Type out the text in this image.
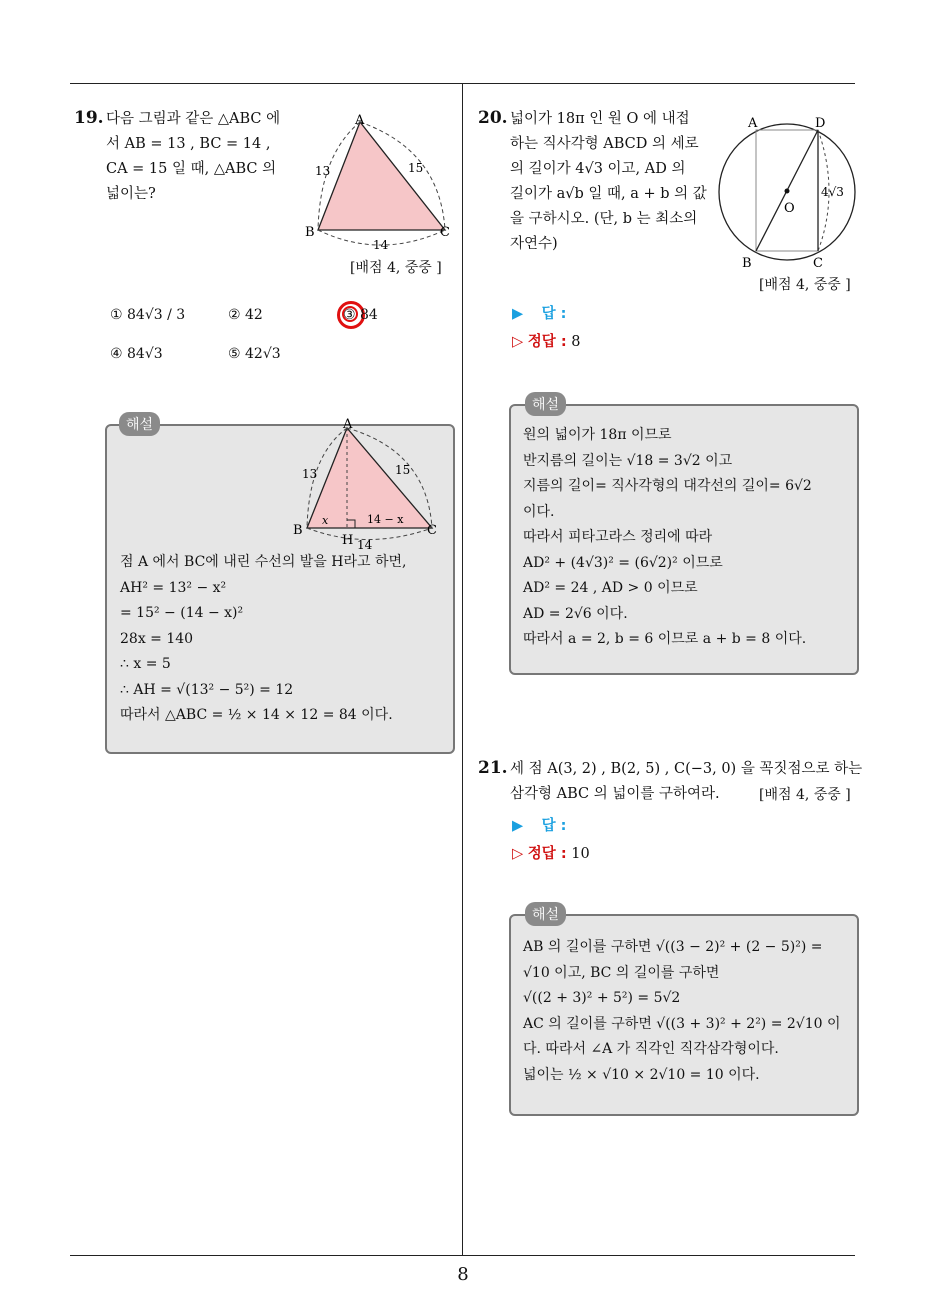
8
19. 다음 그림과 같은 △ABC 에
서 AB = 13 , BC = 14 ,
CA = 15 일 때, △ABC 의
넓이는?
A
B	C
13	15
14
[배점 4, 중중 ]
① 84√3 / 3	② 42	③ 84
④ 84√3	⑤ 42√3
해설	A
B	C
H
13	15
14
x	14 − x
점 A 에서 BC에 내린 수선의 발을 H라고 하면,
AH² = 13² − x²
= 15² − (14 − x)²
28x = 140
∴ x = 5
∴ AH = √(13² − 5²) = 12
따라서 △ABC = ½ × 14 × 12 = 84 이다.
20. 넓이가 18π 인 원 O 에 내접
하는 직사각형 ABCD 의 세로
의 길이가 4√3 이고, AD 의
길이가 a√b 일 때, a + b 의 값
을 구하시오. (단, b 는 최소의
자연수)
A	D
B	C
O
4√3
[배점 4, 중중 ]
▶ 답 :
▷ 정답 : 8
해설
원의 넓이가 18π 이므로
반지름의 길이는 √18 = 3√2 이고
지름의 길이= 직사각형의 대각선의 길이= 6√2
이다.
따라서 피타고라스 정리에 따라
AD² + (4√3)² = (6√2)² 이므로
AD² = 24 , AD > 0 이므로
AD = 2√6 이다.
따라서 a = 2, b = 6 이므로 a + b = 8 이다.
21. 세 점 A(3, 2) , B(2, 5) , C(−3, 0) 을 꼭짓점으로 하는
삼각형 ABC 의 넓이를 구하여라.	[배점 4, 중중 ]
▶ 답 :
▷ 정답 : 10
해설
AB 의 길이를 구하면 √((3 − 2)² + (2 − 5)²) =
√10 이고, BC 의 길이를 구하면
√((2 + 3)² + 5²) = 5√2
AC 의 길이를 구하면 √((3 + 3)² + 2²) = 2√10 이
다. 따라서 ∠A 가 직각인 직각삼각형이다.
넓이는 ½ × √10 × 2√10 = 10 이다.
